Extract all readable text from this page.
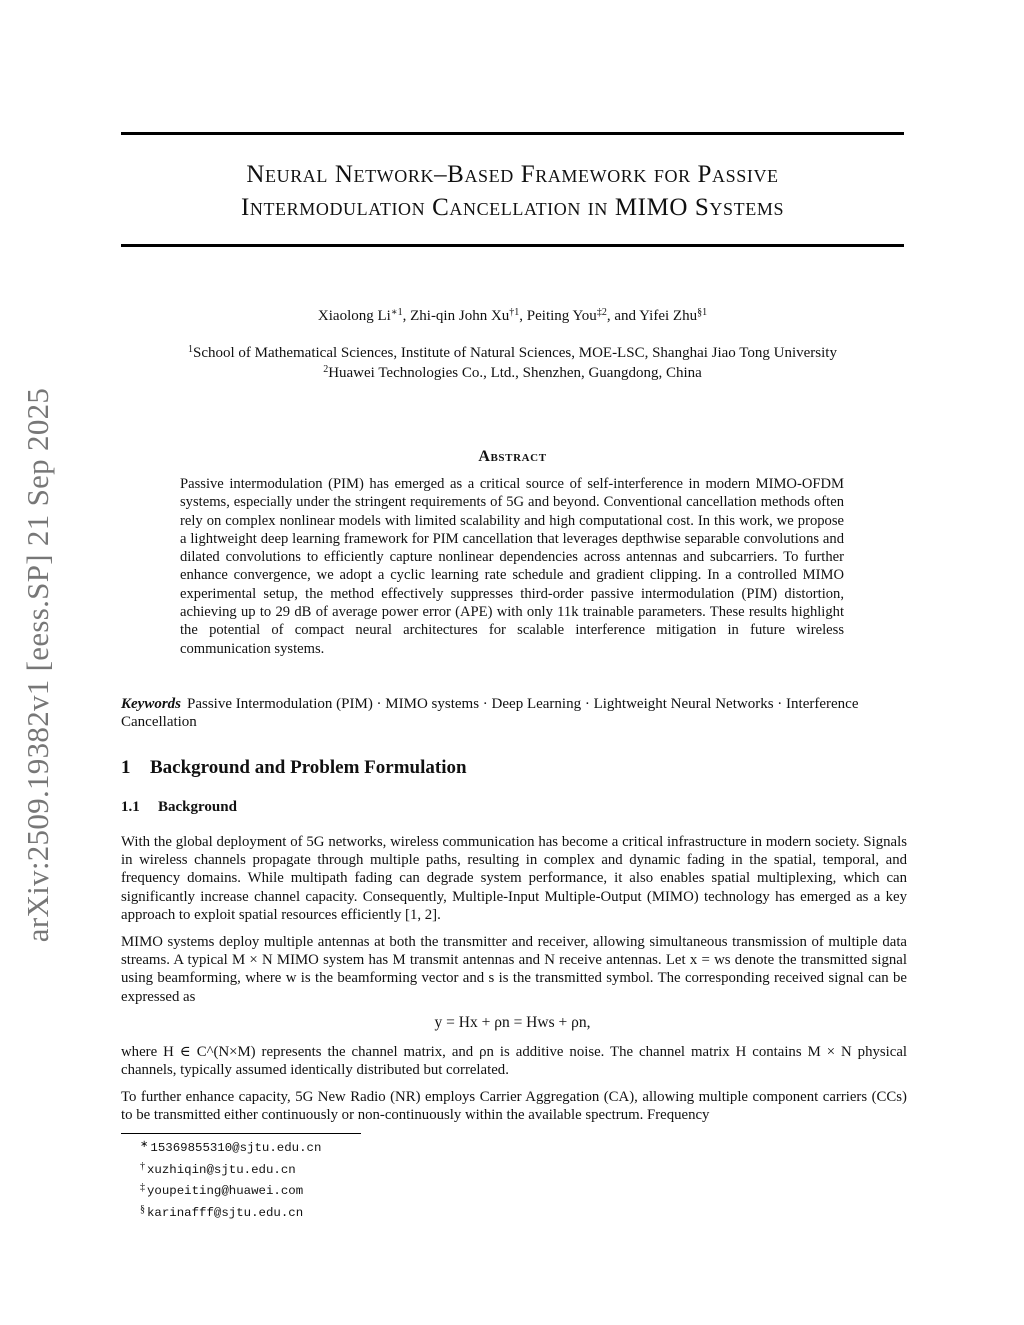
arXiv:2509.19382v1 [eess.SP] 21 Sep 2025
Neural Network–Based Framework for Passive
Intermodulation Cancellation in MIMO Systems
Xiaolong $Li^{∗1}$, Zhi-qin John Xu$^{\dagger 1}$, Peiting You$^{\ddagger 2}$, and Yifei Zhu$^{\S 1}$
$^1$School of Mathematical Sciences, Institute of Natural Sciences, MOE-LSC, Shanghai Jiao Tong University
$^2$Huawei Technologies Co., Ltd., Shenzhen, Guangdong, China
Abstract
Passive intermodulation (PIM) has emerged as a critical source of self-interference in modern MIMO-OFDM systems, especially under the stringent requirements of 5G and beyond. Conventional cancellation methods often rely on complex nonlinear models with limited scalability and high computational cost. In this work, we propose a lightweight deep learning framework for PIM cancellation that leverages depthwise separable convolutions and dilated convolutions to efficiently capture nonlinear dependencies across antennas and subcarriers. To further enhance convergence, we adopt a cyclic learning rate schedule and gradient clipping. In a controlled MIMO experimental setup, the method effectively suppresses third-order passive intermodulation (PIM) distortion, achieving up to 29 dB of average power error (APE) with only 11k trainable parameters. These results highlight the potential of compact neural architectures for scalable interference mitigation in future wireless communication systems.
Keywords Passive Intermodulation (PIM) · MIMO systems · Deep Learning · Lightweight Neural Networks · Interference Cancellation
1 Background and Problem Formulation
1.1 Background
With the global deployment of 5G networks, wireless communication has become a critical infrastructure in modern society. Signals in wireless channels propagate through multiple paths, resulting in complex and dynamic fading in the spatial, temporal, and frequency domains. While multipath fading can degrade system performance, it also enables spatial multiplexing, which can significantly increase channel capacity. Consequently, Multiple-Input Multiple-Output (MIMO) technology has emerged as a key approach to exploit spatial resources efficiently [1, 2].
MIMO systems deploy multiple antennas at both the transmitter and receiver, allowing simultaneous transmission of multiple data streams. A typical M × N MIMO system has M transmit antennas and N receive antennas. Let x = ws denote the transmitted signal using beamforming, where w is the beamforming vector and s is the transmitted symbol. The corresponding received signal can be expressed as
y = Hx + ρn = Hws + ρn,
where H ∈ C^(N×M) represents the channel matrix, and ρn is additive noise. The channel matrix H contains M × N physical channels, typically assumed identically distributed but correlated.
To further enhance capacity, 5G New Radio (NR) employs Carrier Aggregation (CA), allowing multiple component carriers (CCs) to be transmitted either continuously or non-continuously within the available spectrum. Frequency
∗ 15369855310@sjtu.edu.cn
† xuzhiqin@sjtu.edu.cn
‡ youpeiting@huawei.com
§ karinafff@sjtu.edu.cn
